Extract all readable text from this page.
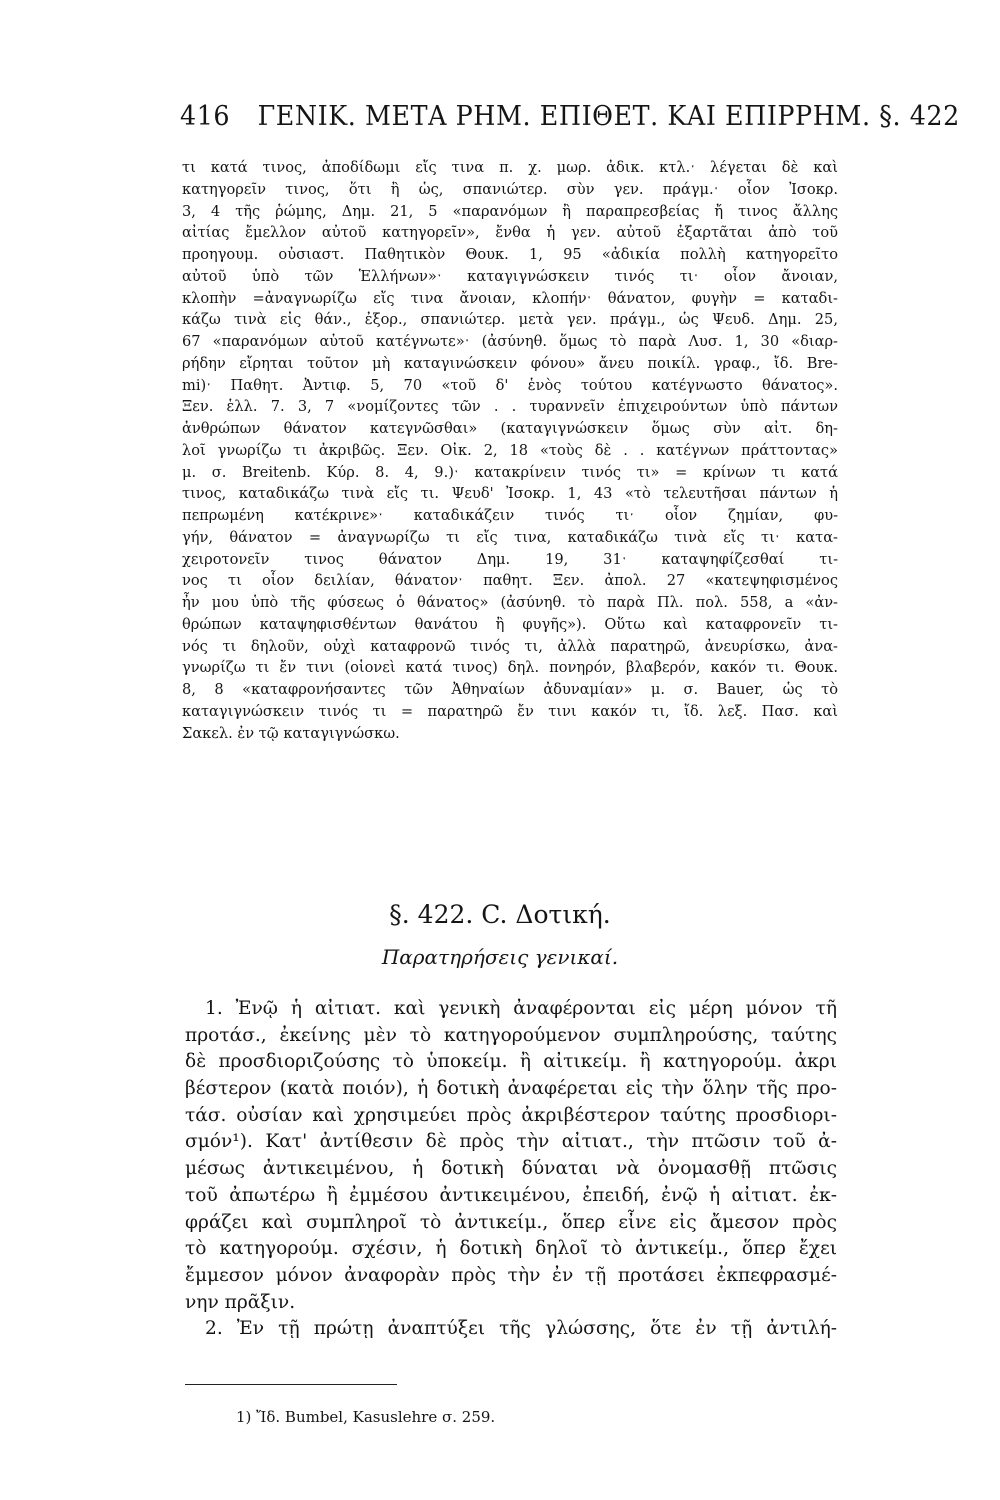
416 ΓΕΝΙΚ. ΜΕΤΑ ΡΗΜ. ΕΠΙΘΕΤ. ΚΑΙ ΕΠΙΡΡΗΜ. §. 422
τι κατά τινος, ἀποδίδωμι εἴς τινα π. χ. μωρ. ἀδικ. κτλ.ˑ λέγεται δὲ καὶ
κατηγορεῖν τινος, ὅτι ἢ ὡς, σπανιώτερ. σὺν γεν. πράγμ.ˑ οἷον Ἰσοκρ.
3, 4 τῆς ῥώμης, Δημ. 21, 5 «παρανόμων ἢ παραπρεσβείας ἤ τινος ἄλλης
αἰτίας ἔμελλον αὐτοῦ κατηγορεῖν», ἔνθα ἡ γεν. αὐτοῦ ἐξαρτᾶται ἀπὸ τοῦ
προηγουμ. οὐσιαστ. Παθητικὸν Θουκ. 1, 95 «ἀδικία πολλὴ κατηγορεῖτο
αὐτοῦ ὑπὸ τῶν Ἑλλήνων»ˑ καταγιγνώσκειν τινός τιˑ οἷον ἄνοιαν,
κλοπὴν =ἀναγνωρίζω εἴς τινα ἄνοιαν, κλοπήνˑ θάνατον, φυγὴν = καταδι-
κάζω τινὰ εἰς θάν., ἐξορ., σπανιώτερ. μετὰ γεν. πράγμ., ὡς Ψευδ. Δημ. 25,
67 «παρανόμων αὐτοῦ κατέγνωτε»ˑ (ἀσύνηθ. ὅμως τὸ παρὰ Λυσ. 1, 30 «διαρ-
ρήδην εἴρηται τοῦτον μὴ καταγινώσκειν φόνου» ἄνευ ποικίλ. γραφ., ἴδ. Bre-
mi)ˑ Παθητ. Ἀντιφ. 5, 70 «τοῦ δ' ἑνὸς τούτου κατέγνωστο θάνατος».
Ξεν. ἑλλ. 7. 3, 7 «νομίζοντες τῶν . . τυραννεῖν ἐπιχειρούντων ὑπὸ πάντων
ἀνθρώπων θάνατον κατεγνῶσθαι» (καταγιγνώσκειν ὅμως σὺν αἰτ. δη-
λοῖ γνωρίζω τι ἀκριβῶς. Ξεν. Οἰκ. 2, 18 «τοὺς δὲ . . κατέγνων πράττοντας»
μ. σ. Breitenb. Κύρ. 8. 4, 9.)ˑ κατακρίνειν τινός τι» = κρίνων τι κατά
τινος, καταδικάζω τινὰ εἴς τι. Ψευδ' Ἰσοκρ. 1, 43 «τὸ τελευτῆσαι πάντων ἡ
πεπρωμένη κατέκρινε»ˑ καταδικάζειν τινός τιˑ οἷον ζημίαν, φυ-
γήν, θάνατον = ἀναγνωρίζω τι εἴς τινα, καταδικάζω τινὰ εἴς τιˑ κατα-
χειροτονεῖν τινος θάνατον Δημ. 19, 31ˑ καταψηφίζεσθαί τι-
νος τι οἷον δειλίαν, θάνατονˑ παθητ. Ξεν. ἀπολ. 27 «κατεψηφισμένος
ἦν μου ὑπὸ τῆς φύσεως ὁ θάνατος» (ἀσύνηθ. τὸ παρὰ Πλ. πολ. 558, a «ἀν-
θρώπων καταψηφισθέντων θανάτου ἢ φυγῆς»). Οὕτω καὶ καταφρονεῖν τι-
νός τι δηλοῦν, οὐχὶ καταφρονῶ τινός τι, ἀλλὰ παρατηρῶ, ἀνευρίσκω, ἀνα-
γνωρίζω τι ἔν τινι (οἱονεὶ κατά τινος) δηλ. πονηρόν, βλαβερόν, κακόν τι. Θουκ.
8, 8 «καταφρονήσαντες τῶν Ἀθηναίων ἀδυναμίαν» μ. σ. Bauer, ὡς τὸ
καταγιγνώσκειν τινός τι = παρατηρῶ ἔν τινι κακόν τι, ἴδ. λεξ. Πασ. καὶ
Σακελ. ἐν τῷ καταγιγνώσκω.
§. 422. C. Δοτική.
Παρατηρήσεις γενικαί.
1. Ἐνῷ ἡ αἰτιατ. καὶ γενικὴ ἀναφέρονται εἰς μέρη μόνον τῆ
προτάσ., ἐκείνης μὲν τὸ κατηγορούμενον συμπληρούσης, ταύτης
δὲ προσδιοριζούσης τὸ ὑποκείμ. ἢ αἰτικείμ. ἢ κατηγορούμ. ἀκρι
βέστερον (κατὰ ποιόν), ἡ δοτικὴ ἀναφέρεται εἰς τὴν ὅλην τῆς προ-
τάσ. οὐσίαν καὶ χρησιμεύει πρὸς ἀκριβέστερον ταύτης προσδιορι-
σμόν¹). Κατ' ἀντίθεσιν δὲ πρὸς τὴν αἰτιατ., τὴν πτῶσιν τοῦ ἀ-
μέσως ἀντικειμένου, ἡ δοτικὴ δύναται νὰ ὀνομασθῇ πτῶσις
τοῦ ἀπωτέρω ἢ ἐμμέσου ἀντικειμένου, ἐπειδή, ἐνῷ ἡ αἰτιατ. ἐκ-
φράζει καὶ συμπληροῖ τὸ ἀντικείμ., ὅπερ εἶνε εἰς ἄμεσον πρὸς
τὸ κατηγορούμ. σχέσιν, ἡ δοτικὴ δηλοῖ τὸ ἀντικείμ., ὅπερ ἔχει
ἔμμεσον μόνον ἀναφορὰν πρὸς τὴν ἐν τῇ προτάσει ἐκπεφρασμέ-
νην πρᾶξιν.
2. Ἐν τῇ πρώτῃ ἀναπτύξει τῆς γλώσσης, ὅτε ἐν τῇ ἀντιλή-
1) Ἴδ. Bumbel, Kasuslehre σ. 259.
